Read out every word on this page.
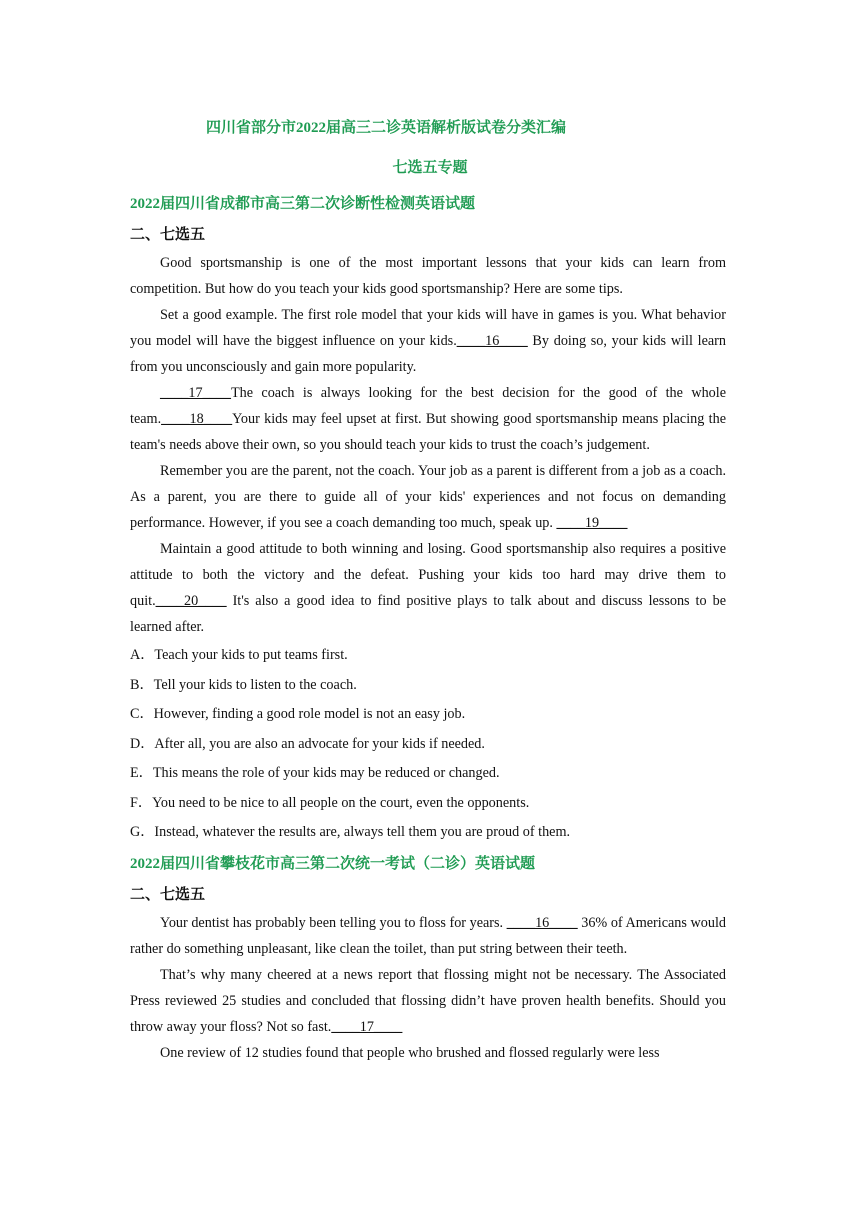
四川省部分市2022届高三二诊英语解析版试卷分类汇编
七选五专题
2022届四川省成都市高三第二次诊断性检测英语试题
二、七选五

Good sportsmanship is one of the most important lessons that your kids can learn from competition. But how do you teach your kids good sportsmanship? Here are some tips.

Set a good example. The first role model that your kids will have in games is you. What behavior you model will have the biggest influence on your kids.____16____ By doing so, your kids will learn from you unconsciously and gain more popularity.

____17____The coach is always looking for the best decision for the good of the whole team.____18____Your kids may feel upset at first. But showing good sportsmanship means placing the team's needs above their own, so you should teach your kids to trust the coach’s judgement.

Remember you are the parent, not the coach. Your job as a parent is different from a job as a coach. As a parent, you are there to guide all of your kids' experiences and not focus on demanding performance. However, if you see a coach demanding too much, speak up. ____19____

Maintain a good attitude to both winning and losing. Good sportsmanship also requires a positive attitude to both the victory and the defeat. Pushing your kids too hard may drive them to quit.____20____ It's also a good idea to find positive plays to talk about and discuss lessons to be learned after.

A．Teach your kids to put teams first.
B．Tell your kids to listen to the coach.
C．However, finding a good role model is not an easy job.
D．After all, you are also an advocate for your kids if needed.
E．This means the role of your kids may be reduced or changed.
F．You need to be nice to all people on the court, even the opponents.
G．Instead, whatever the results are, always tell them you are proud of them.
2022届四川省攀枝花市高三第二次统一考试（二诊）英语试题
二、七选五

Your dentist has probably been telling you to floss for years. ____16____ 36% of Americans would rather do something unpleasant, like clean the toilet, than put string between their teeth.

That’s why many cheered at a news report that flossing might not be necessary. The Associated Press reviewed 25 studies and concluded that flossing didn’t have proven health benefits. Should you throw away your floss? Not so fast.____17____

One review of 12 studies found that people who brushed and flossed regularly were less
